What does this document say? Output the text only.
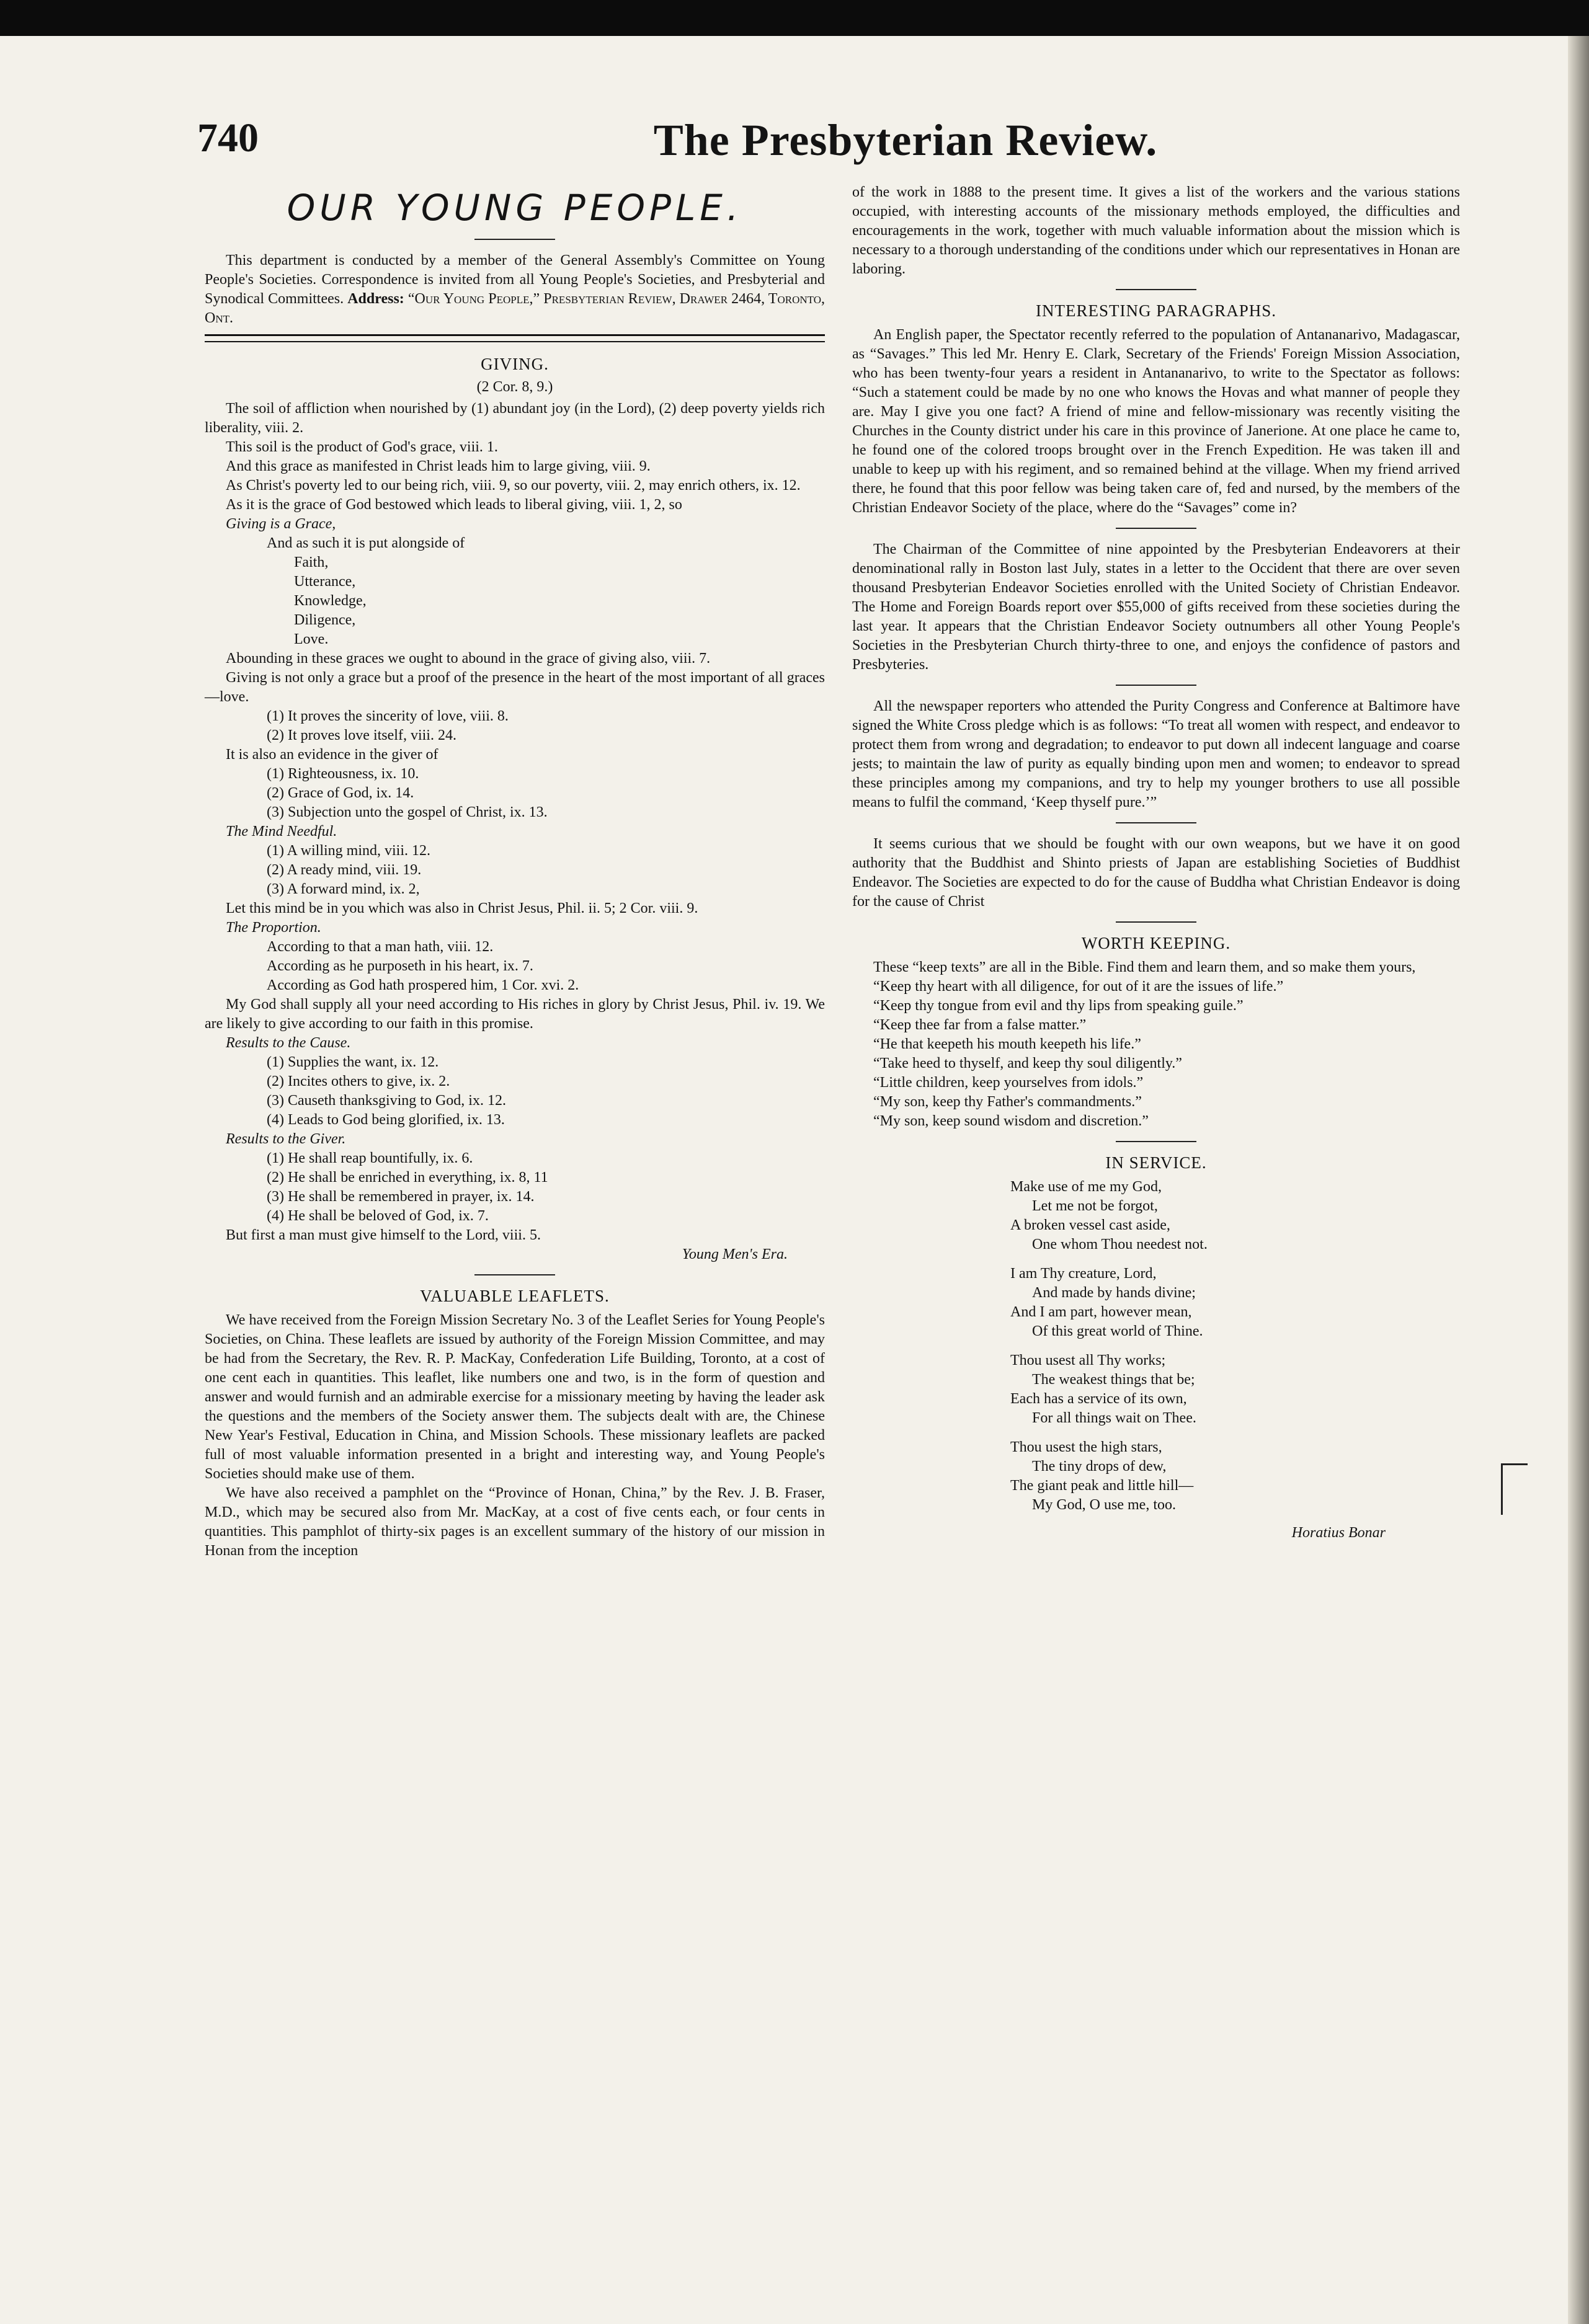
740	The Presbyterian Review.
OUR YOUNG PEOPLE.

This department is conducted by a member of the General Assembly's Committee on Young People's Societies. Correspondence is invited from all Young People's Societies, and Presbyterial and Synodical Committees. Address: “Our Young People,” Presbyterian Review, Drawer 2464, Toronto, Ont.

GIVING.
(2 Cor. 8, 9.)

The soil of affliction when nourished by (1) abundant joy (in the Lord), (2) deep poverty yields rich liberality, viii. 2.

This soil is the product of God's grace, viii. 1.

And this grace as manifested in Christ leads him to large giving, viii. 9.

As Christ's poverty led to our being rich, viii. 9, so our poverty, viii. 2, may enrich others, ix. 12.

As it is the grace of God bestowed which leads to liberal giving, viii. 1, 2, so

Giving is a Grace,

And as such it is put alongside of

Faith,

Utterance,

Knowledge,

Diligence,

Love.

Abounding in these graces we ought to abound in the grace of giving also, viii. 7.

Giving is not only a grace but a proof of the presence in the heart of the most important of all graces—love.

(1) It proves the sincerity of love, viii. 8.

(2) It proves love itself, viii. 24.

It is also an evidence in the giver of

(1) Righteousness, ix. 10.

(2) Grace of God, ix. 14.

(3) Subjection unto the gospel of Christ, ix. 13.

The Mind Needful.

(1) A willing mind, viii. 12.

(2) A ready mind, viii. 19.

(3) A forward mind, ix. 2,

Let this mind be in you which was also in Christ Jesus, Phil. ii. 5; 2 Cor. viii. 9.

The Proportion.

According to that a man hath, viii. 12.

According as he purposeth in his heart, ix. 7.

According as God hath prospered him, 1 Cor. xvi. 2.

My God shall supply all your need according to His riches in glory by Christ Jesus, Phil. iv. 19. We are likely to give according to our faith in this promise.

Results to the Cause.

(1) Supplies the want, ix. 12.

(2) Incites others to give, ix. 2.

(3) Causeth thanksgiving to God, ix. 12.

(4) Leads to God being glorified, ix. 13.

Results to the Giver.

(1) He shall reap bountifully, ix. 6.

(2) He shall be enriched in everything, ix. 8, 11

(3) He shall be remembered in prayer, ix. 14.

(4) He shall be beloved of God, ix. 7.

But first a man must give himself to the Lord, viii. 5.

Young Men's Era.

VALUABLE LEAFLETS.

We have received from the Foreign Mission Secretary No. 3 of the Leaflet Series for Young People's Societies, on China. These leaflets are issued by authority of the Foreign Mission Committee, and may be had from the Secretary, the Rev. R. P. MacKay, Confederation Life Building, Toronto, at a cost of one cent each in quantities. This leaflet, like numbers one and two, is in the form of question and answer and would furnish and an admirable exercise for a missionary meeting by having the leader ask the questions and the members of the Society answer them. The subjects dealt with are, the Chinese New Year's Festival, Education in China, and Mission Schools. These missionary leaflets are packed full of most valuable information presented in a bright and interesting way, and Young People's Societies should make use of them.

We have also received a pamphlet on the “Province of Honan, China,” by the Rev. J. B. Fraser, M.D., which may be secured also from Mr. MacKay, at a cost of five cents each, or four cents in quantities. This pamphlot of thirty-six pages is an excellent summary of the history of our mission in Honan from the inception

of the work in 1888 to the present time. It gives a list of the workers and the various stations occupied, with interesting accounts of the missionary methods employed, the difficulties and encouragements in the work, together with much valuable information about the mission which is necessary to a thorough understanding of the conditions under which our representatives in Honan are laboring.

INTERESTING PARAGRAPHS.

An English paper, the Spectator recently referred to the population of Antananarivo, Madagascar, as “Savages.” This led Mr. Henry E. Clark, Secretary of the Friends' Foreign Mission Association, who has been twenty-four years a resident in Antananarivo, to write to the Spectator as follows: “Such a statement could be made by no one who knows the Hovas and what manner of people they are. May I give you one fact? A friend of mine and fellow-missionary was recently visiting the Churches in the County district under his care in this province of Janerione. At one place he came to, he found one of the colored troops brought over in the French Expedition. He was taken ill and unable to keep up with his regiment, and so remained behind at the village. When my friend arrived there, he found that this poor fellow was being taken care of, fed and nursed, by the members of the Christian Endeavor Society of the place, where do the “Savages” come in?

The Chairman of the Committee of nine appointed by the Presbyterian Endeavorers at their denominational rally in Boston last July, states in a letter to the Occident that there are over seven thousand Presbyterian Endeavor Societies enrolled with the United Society of Christian Endeavor. The Home and Foreign Boards report over $55,000 of gifts received from these societies during the last year. It appears that the Christian Endeavor Society outnumbers all other Young People's Societies in the Presbyterian Church thirty-three to one, and enjoys the confidence of pastors and Presbyteries.

All the newspaper reporters who attended the Purity Congress and Conference at Baltimore have signed the White Cross pledge which is as follows: “To treat all women with respect, and endeavor to protect them from wrong and degradation; to endeavor to put down all indecent language and coarse jests; to maintain the law of purity as equally binding upon men and women; to endeavor to spread these principles among my companions, and try to help my younger brothers to use all possible means to fulfil the command, ‘Keep thyself pure.’”

It seems curious that we should be fought with our own weapons, but we have it on good authority that the Buddhist and Shinto priests of Japan are establishing Societies of Buddhist Endeavor. The Societies are expected to do for the cause of Buddha what Christian Endeavor is doing for the cause of Christ

WORTH KEEPING.

These “keep texts” are all in the Bible. Find them and learn them, and so make them yours,

“Keep thy heart with all diligence, for out of it are the issues of life.”

“Keep thy tongue from evil and thy lips from speaking guile.”

“Keep thee far from a false matter.”

“He that keepeth his mouth keepeth his life.”

“Take heed to thyself, and keep thy soul diligently.”

“Little children, keep yourselves from idols.”

“My son, keep thy Father's commandments.”

“My son, keep sound wisdom and discretion.”

IN SERVICE.

Make use of me my God,

Let me not be forgot,

A broken vessel cast aside,

One whom Thou needest not.

I am Thy creature, Lord,

And made by hands divine;

And I am part, however mean,

Of this great world of Thine.

Thou usest all Thy works;

The weakest things that be;

Each has a service of its own,

For all things wait on Thee.

Thou usest the high stars,

The tiny drops of dew,

The giant peak and little hill—

My God, O use me, too.

Horatius Bonar
